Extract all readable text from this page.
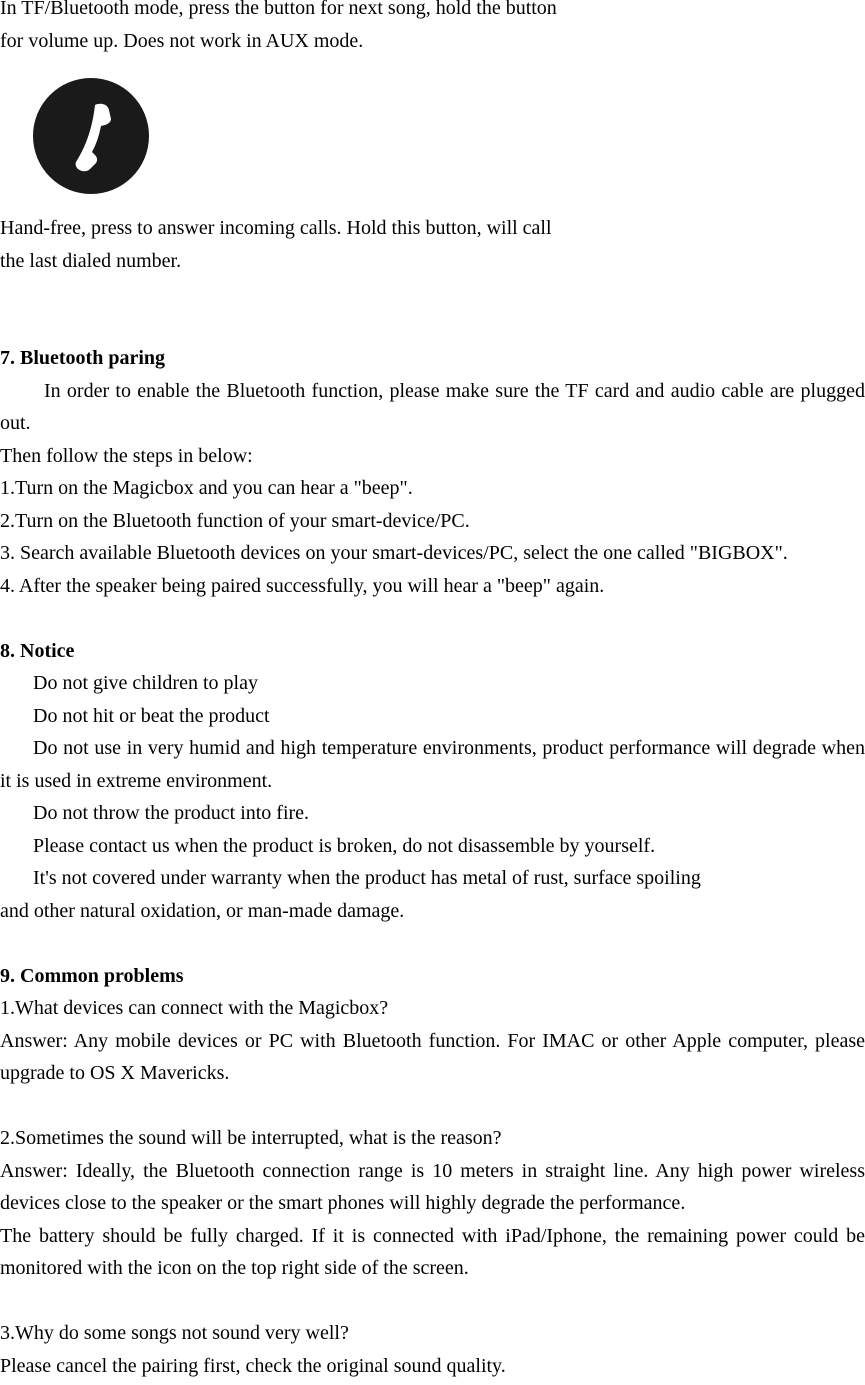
In TF/Bluetooth mode, press the button for next song, hold the button

for volume up. Does not work in AUX mode.

Hand-free, press to answer incoming calls. Hold this button, will call

the last dialed number.

7. Bluetooth paring

In order to enable the Bluetooth function, please make sure the TF card and audio cable are plugged out.

Then follow the steps in below:

1.Turn on the Magicbox and you can hear a "beep".

2.Turn on the Bluetooth function of your smart-device/PC.

3. Search available Bluetooth devices on your smart-devices/PC, select the one called "BIGBOX".

4. After the speaker being paired successfully, you will hear a "beep" again.

8. Notice

Do not give children to play

Do not hit or beat the product

Do not use in very humid and high temperature environments, product performance will degrade when it is used in extreme environment.

Do not throw the product into fire.

Please contact us when the product is broken, do not disassemble by yourself.

It's not covered under warranty when the product has metal of rust, surface spoiling

and other natural oxidation, or man-made damage.

9. Common problems

1.What devices can connect with the Magicbox?

Answer: Any mobile devices or PC with Bluetooth function. For IMAC or other Apple computer, please upgrade to OS X Mavericks.

2.Sometimes the sound will be interrupted, what is the reason?

Answer: Ideally, the Bluetooth connection range is 10 meters in straight line. Any high power wireless devices close to the speaker or the smart phones will highly degrade the performance.

The battery should be fully charged. If it is connected with iPad/Iphone, the remaining power could be monitored with the icon on the top right side of the screen.

3.Why do some songs not sound very well?

Please cancel the pairing first, check the original sound quality.
